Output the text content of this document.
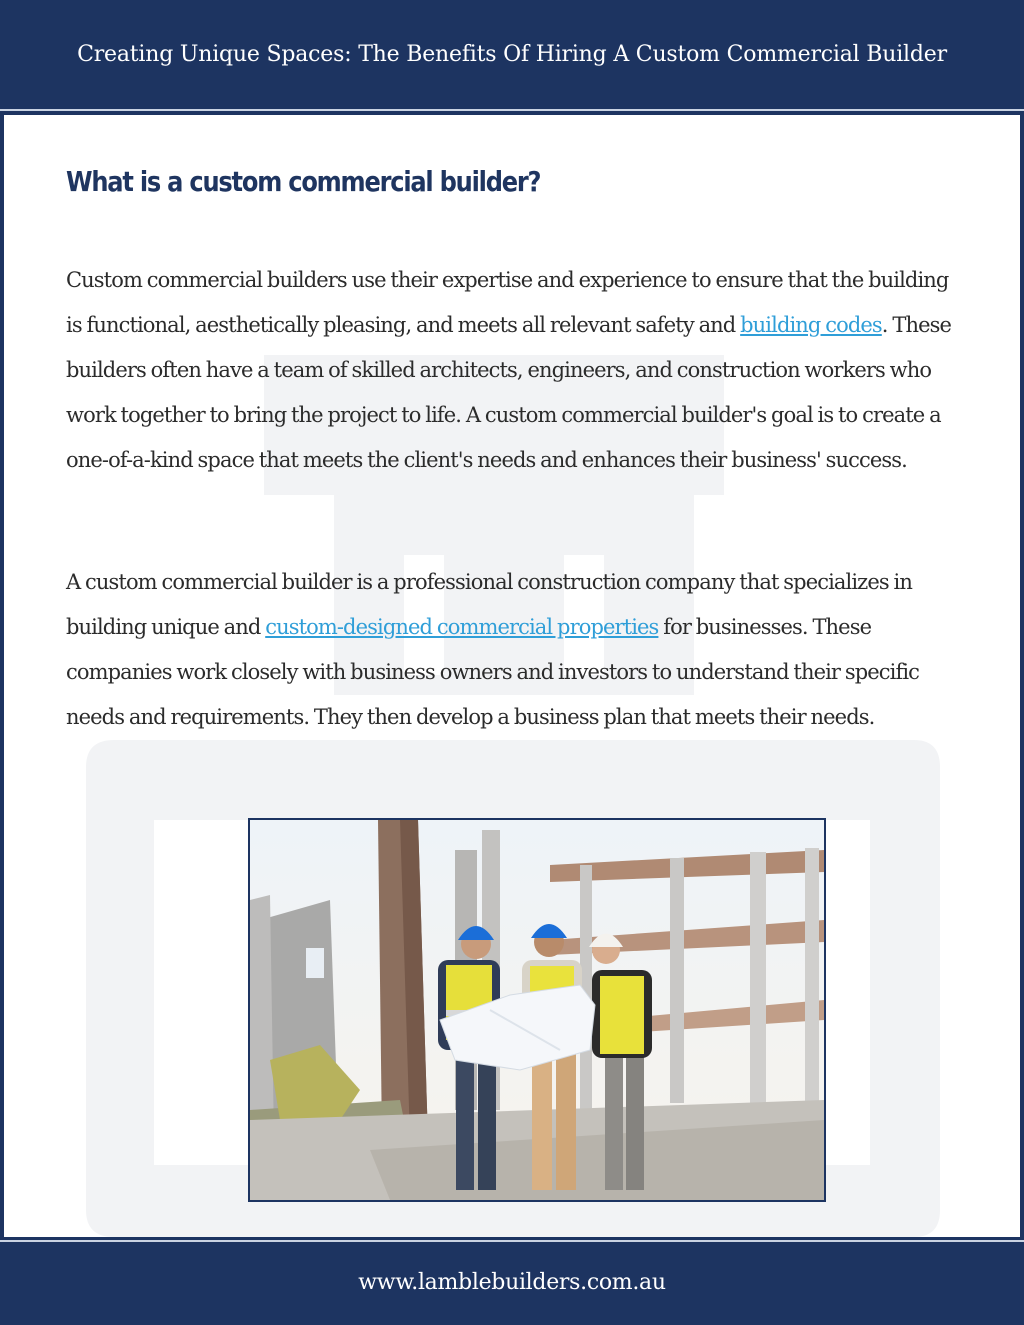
Creating Unique Spaces: The Benefits Of Hiring A Custom Commercial Builder
What is a custom commercial builder?

Custom commercial builders use their expertise and experience to ensure that the building is functional, aesthetically pleasing, and meets all relevant safety and building codes. These builders often have a team of skilled architects, engineers, and construction workers who work together to bring the project to life. A custom commercial builder's goal is to create a one-of-a-kind space that meets the client's needs and enhances their business' success.

A custom commercial builder is a professional construction company that specializes in building unique and custom-designed commercial properties for businesses. These companies work closely with business owners and investors to understand their specific needs and requirements. They then develop a business plan that meets their needs.

www.lamblebuilders.com.au
